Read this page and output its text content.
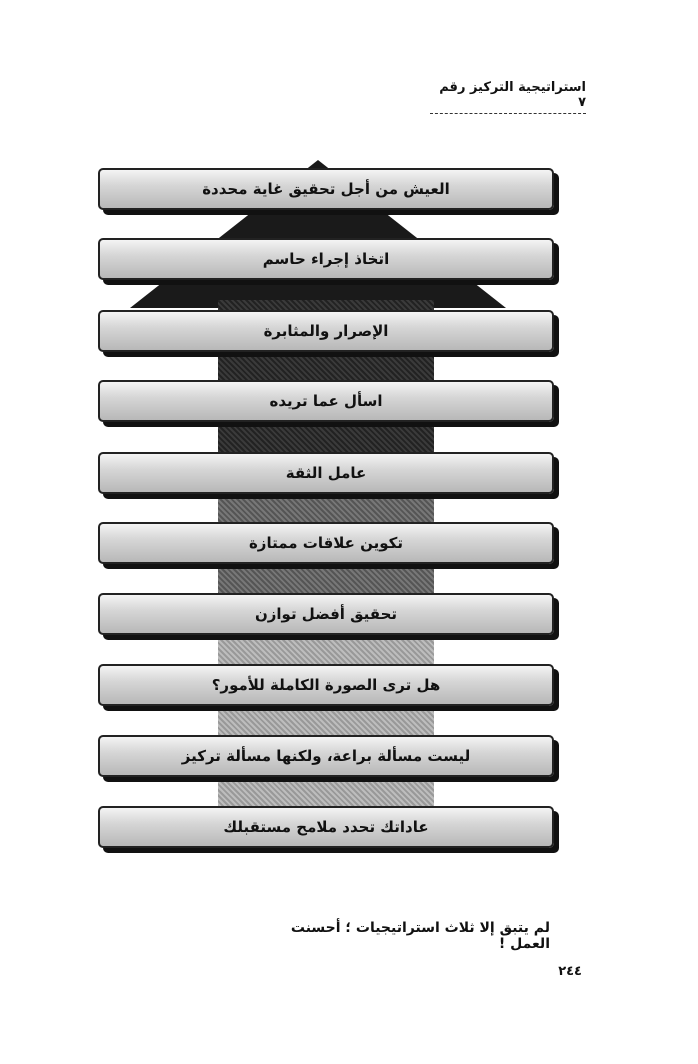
استراتيجية التركيز رقم ٧
العيش من أجل تحقيق غاية محددة
اتخاذ إجراء حاسم
الإصرار والمثابرة
اسأل عما تريده
عامل الثقة
تكوين علاقات ممتازة
تحقيق أفضل توازن
هل ترى الصورة الكاملة للأمور؟
ليست مسألة براعة، ولكنها مسألة تركيز
عاداتك تحدد ملامح مستقبلك
لم يتبق إلا ثلاث استراتيجيات ؛ أحسنت العمل !
٢٤٤
